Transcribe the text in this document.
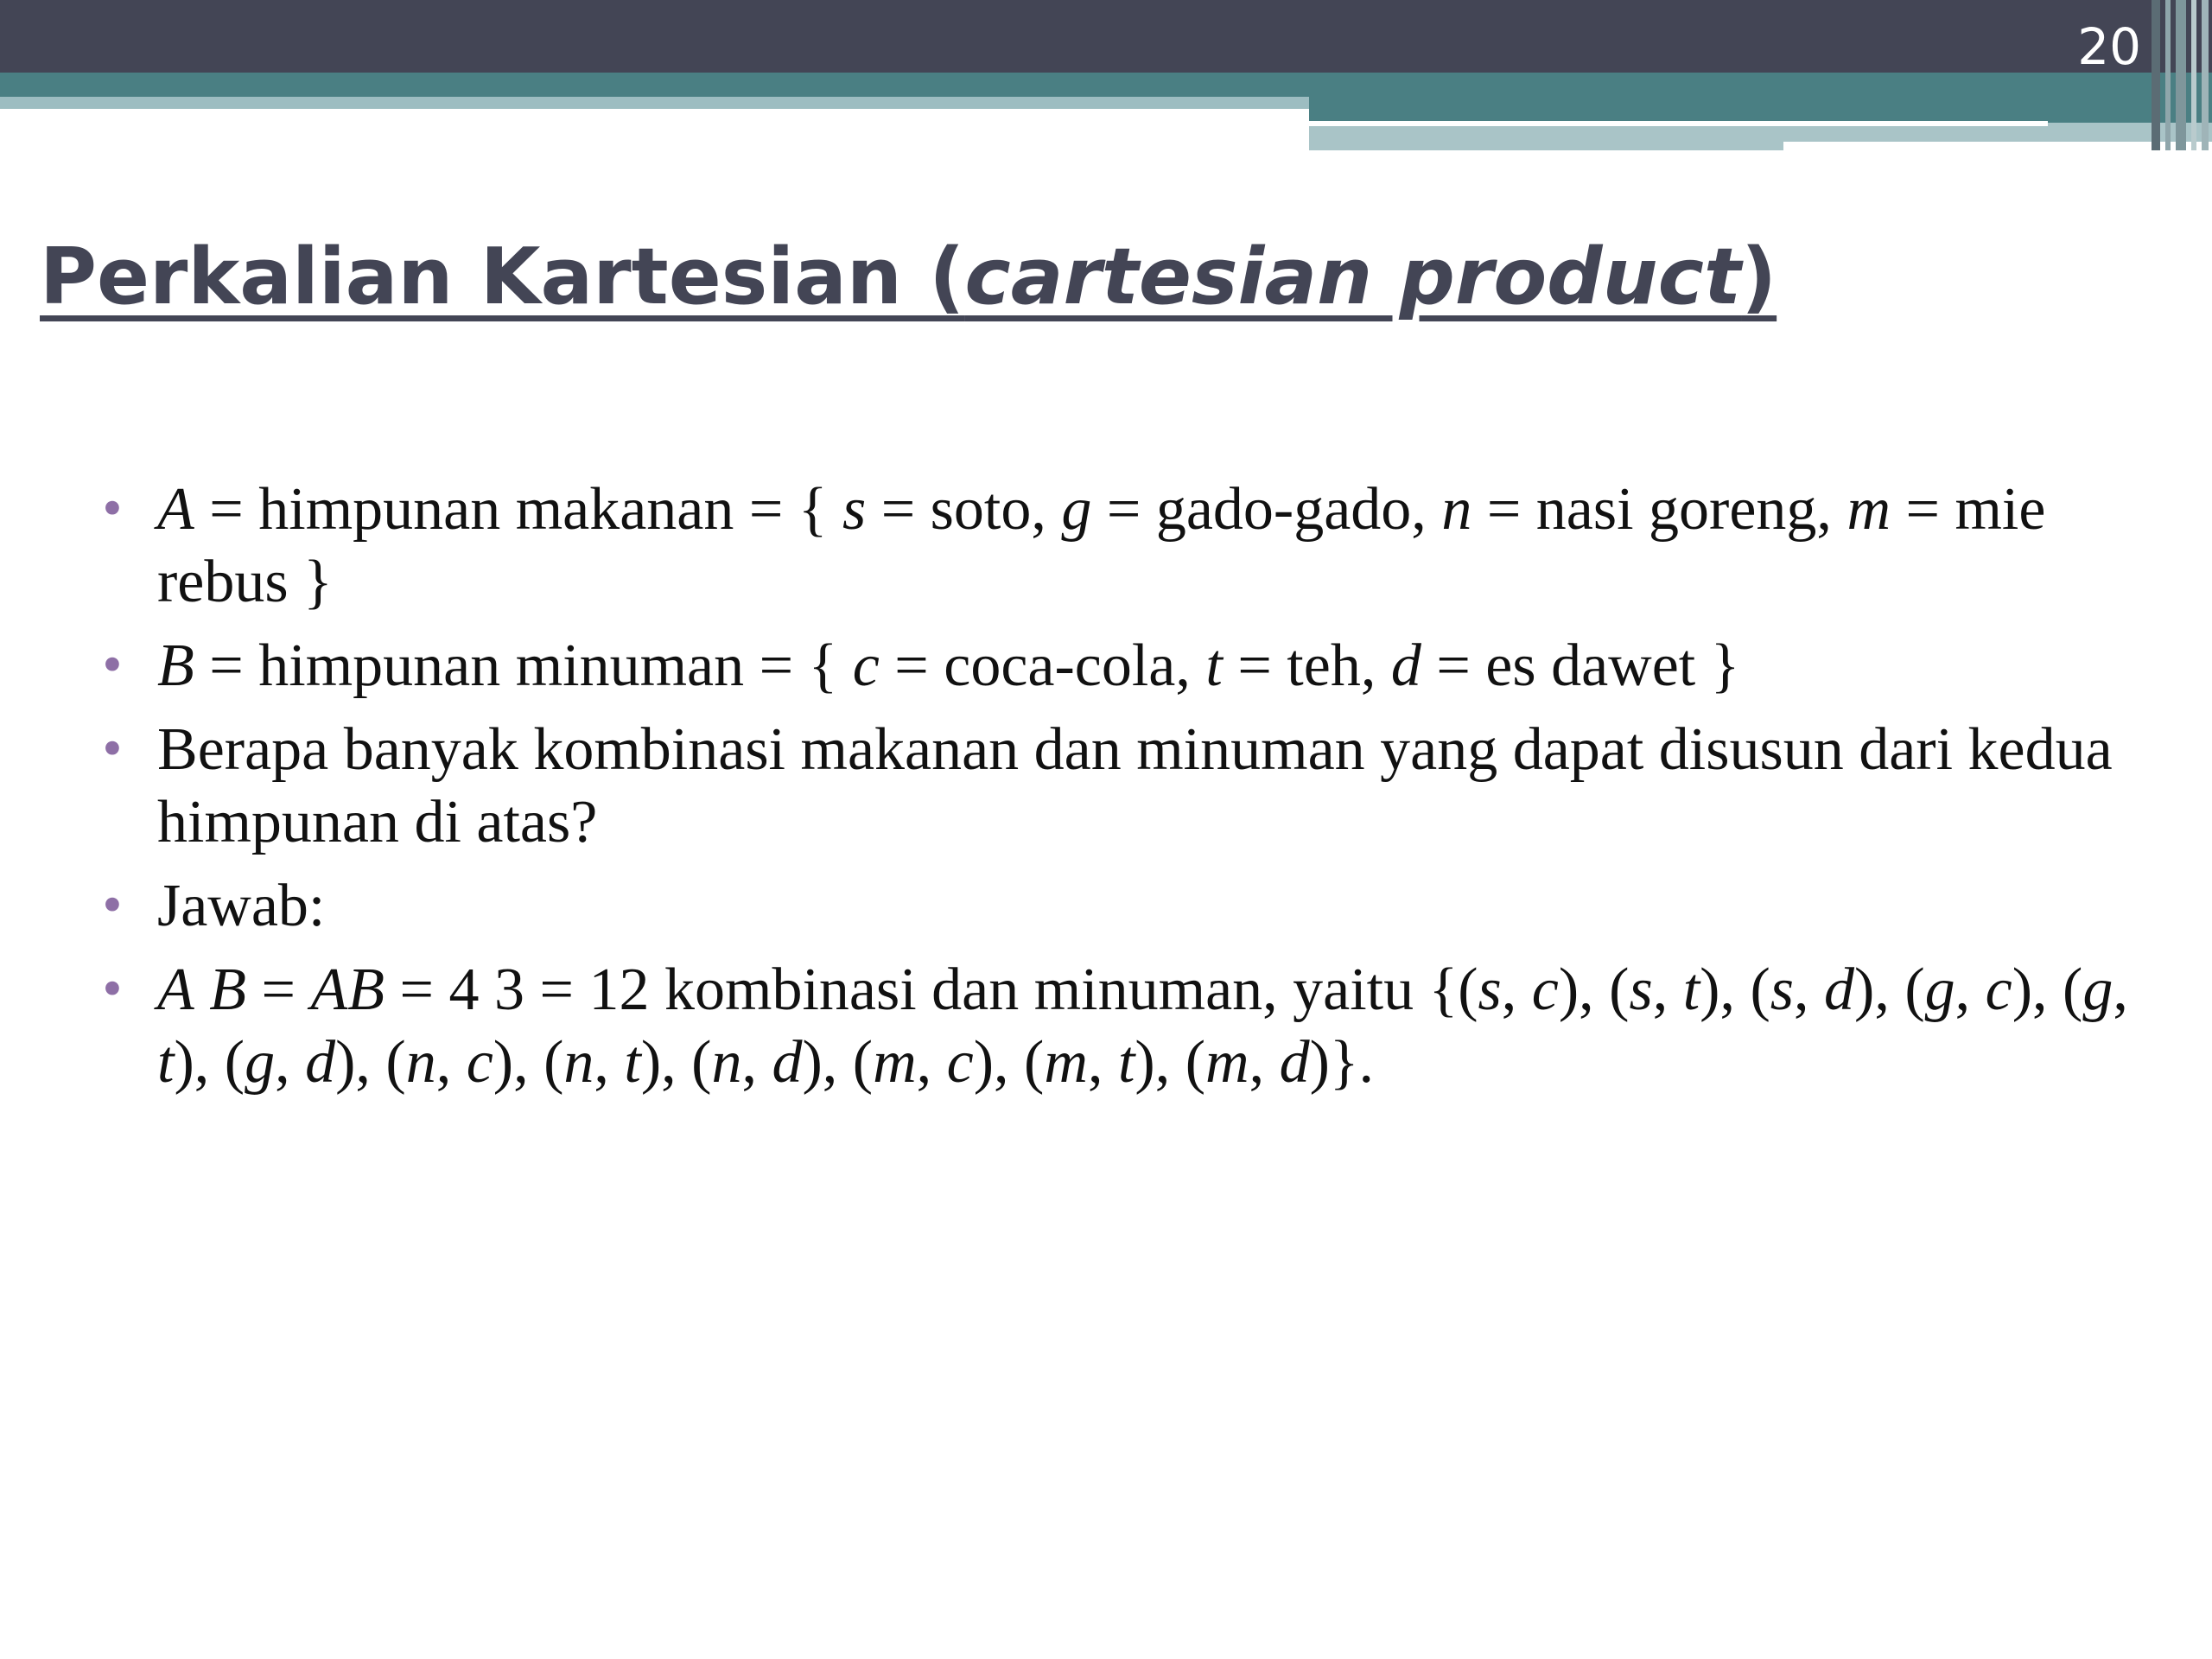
20
Perkalian Kartesian (cartesian product)
• A = himpunan makanan = { s = soto, g = gado-gado, n = nasi goreng, m = mie rebus }
• B = himpunan minuman = { c = coca-cola, t = teh, d = es dawet }
• Berapa banyak kombinasi makanan dan minuman yang dapat disusun dari kedua himpunan di atas?
• Jawab:
• A B = AB = 4 3 = 12 kombinasi dan minuman, yaitu {(s, c), (s, t), (s, d), (g, c), (g, t), (g, d), (n, c), (n, t), (n, d), (m, c), (m, t), (m, d)}.
